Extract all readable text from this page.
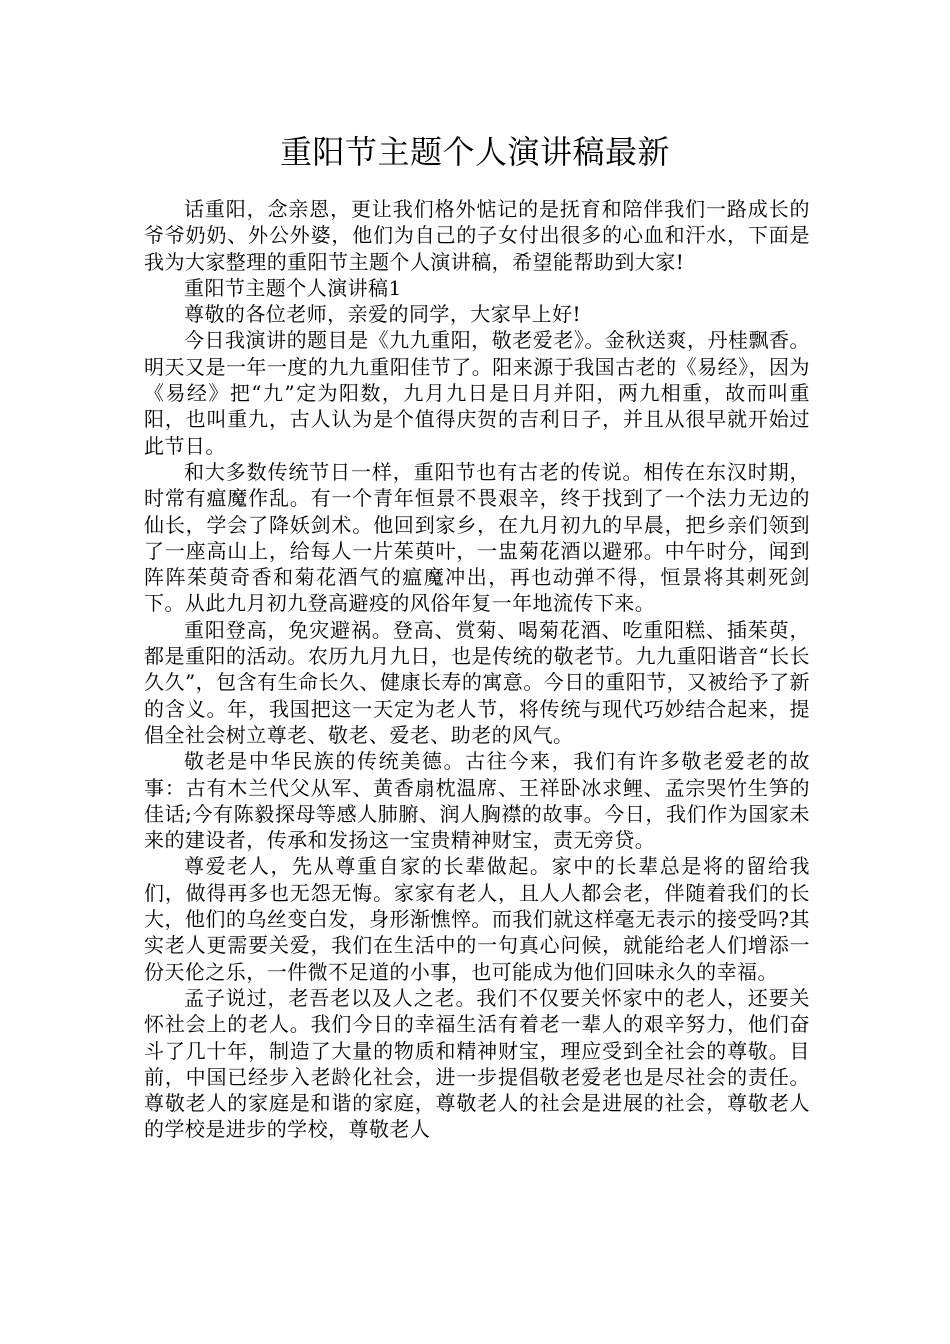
重阳节主题个人演讲稿最新

话重阳，念亲恩，更让我们格外惦记的是抚育和陪伴我们一路成长的爷爷奶奶、外公外婆，他们为自己的子女付出很多的心血和汗水，下面是我为大家整理的重阳节主题个人演讲稿，希望能帮助到大家!

重阳节主题个人演讲稿1

尊敬的各位老师，亲爱的同学，大家早上好!

今日我演讲的题目是《九九重阳，敬老爱老》。金秋送爽，丹桂飘香。明天又是一年一度的九九重阳佳节了。阳来源于我国古老的《易经》，因为《易经》把“九”定为阳数，九月九日是日月并阳，两九相重，故而叫重阳，也叫重九，古人认为是个值得庆贺的吉利日子，并且从很早就开始过此节日。

和大多数传统节日一样，重阳节也有古老的传说。相传在东汉时期，时常有瘟魔作乱。有一个青年恒景不畏艰辛，终于找到了一个法力无边的仙长，学会了降妖剑术。他回到家乡，在九月初九的早晨，把乡亲们领到了一座高山上，给每人一片茱萸叶，一盅菊花酒以避邪。中午时分，闻到阵阵茱萸奇香和菊花酒气的瘟魔冲出，再也动弹不得，恒景将其刺死剑下。从此九月初九登高避疫的风俗年复一年地流传下来。

重阳登高，免灾避祸。登高、赏菊、喝菊花酒、吃重阳糕、插茱萸，都是重阳的活动。农历九月九日，也是传统的敬老节。九九重阳谐音“长长久久”，包含有生命长久、健康长寿的寓意。今日的重阳节，又被给予了新的含义。年，我国把这一天定为老人节，将传统与现代巧妙结合起来，提倡全社会树立尊老、敬老、爱老、助老的风气。

敬老是中华民族的传统美德。古往今来，我们有许多敬老爱老的故事：古有木兰代父从军、黄香扇枕温席、王祥卧冰求鲤、孟宗哭竹生笋的佳话;今有陈毅探母等感人肺腑、润人胸襟的故事。今日，我们作为国家未来的建设者，传承和发扬这一宝贵精神财宝，责无旁贷。

尊爱老人，先从尊重自家的长辈做起。家中的长辈总是将的留给我们，做得再多也无怨无悔。家家有老人，且人人都会老，伴随着我们的长大，他们的乌丝变白发，身形渐憔悴。而我们就这样毫无表示的接受吗?其实老人更需要关爱，我们在生活中的一句真心问候，就能给老人们增添一份天伦之乐，一件微不足道的小事，也可能成为他们回味永久的幸福。

孟子说过，老吾老以及人之老。我们不仅要关怀家中的老人，还要关怀社会上的老人。我们今日的幸福生活有着老一辈人的艰辛努力，他们奋斗了几十年，制造了大量的物质和精神财宝，理应受到全社会的尊敬。目前，中国已经步入老龄化社会，进一步提倡敬老爱老也是尽社会的责任。尊敬老人的家庭是和谐的家庭，尊敬老人的社会是进展的社会，尊敬老人的学校是进步的学校，尊敬老人
